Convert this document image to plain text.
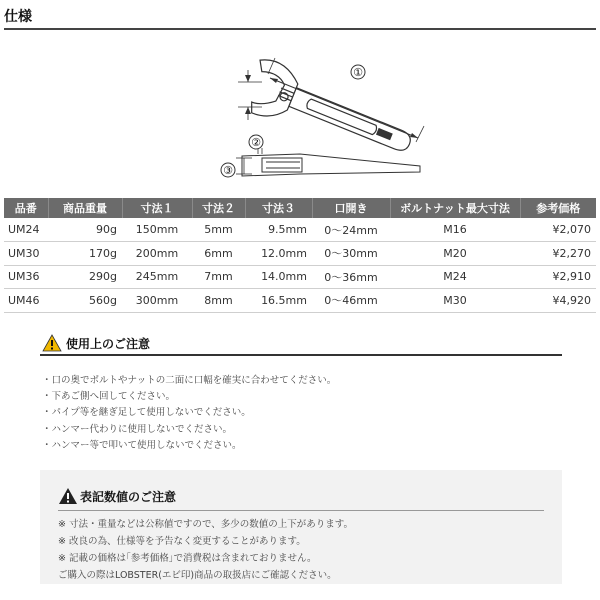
仕様
①
②
③
品番	商品重量	寸法１	寸法２	寸法３	口開き	ボルトナット最大寸法	参考価格
UM24	90g	150mm	5mm	9.5mm	0～24mm	M16	¥2,070
UM30	170g	200mm	6mm	12.0mm	0～30mm	M20	¥2,270
UM36	290g	245mm	7mm	14.0mm	0～36mm	M24	¥2,910
UM46	560g	300mm	8mm	16.5mm	0～46mm	M30	¥4,920
使用上のご注意
・口の奥でボルトやナットの二面に口幅を確実に合わせてください。
・下あご側へ回してください。
・パイプ等を継ぎ足して使用しないでください。
・ハンマー代わりに使用しないでください。
・ハンマー等で叩いて使用しないでください。
表記数値のご注意
※ 寸法・重量などは公称値ですので、多少の数値の上下があります。
※ 改良の為、仕様等を予告なく変更することがあります。
※ 記載の価格は｢参考価格｣で消費税は含まれておりません。
ご購入の際はLOBSTER(エビ印)商品の取扱店にご確認ください。
